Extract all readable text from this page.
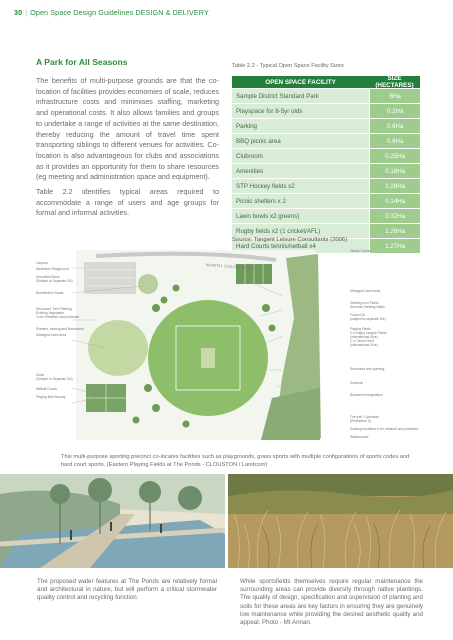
30 | Open Space Design Guidelines DESIGN & DELIVERY
A Park for All Seasons
The benefits of multi-purpose grounds are that the co-location of facilities provides economies of scale, reduces infrastructure costs and minimises staffing, marketing and operational costs. It also allows families and groups to undertake a range of activities at the same destination, thereby reducing the amount of travel time spent transporting siblings to different venues for activities. Co-location is also advantageous for clubs and associations as it provides an opportunity for them to share resources (eg meeting and administration space and equipment).
Table 2.2 identifies typical areas required to accommodate a range of users and age groups for formal and informal activities.
Table 2.2 - Typical Open Space Facility Sizes
OPEN SPACE FACILITY	SIZE (HECTARES)
Sample District Standard Park	6Ha
Playspace for 8-5yr olds	0.2Ha
Parking	0.6Ha
BBQ picnic area	0.6Ha
Clubroom	0.25Ha
Amenities	0.16Ha
STP Hockey fields x2	1.28Ha
Picnic shelters x 2	0.14Ha
Lawn bowls x2 greens)	0.32Ha
Rugby fields x2 (1 cricket/AFL)	1.26Ha
Hard Courts tennis/netball x4	1.27Ha
Source: Tangent Leisure Consultants (2006)
NORTH SOUTH ROAD
Carpark
Adventure Playground
Amenities Block
(Subject to Separate DA)
Bioretention Swale
Structured Tree Planting
Existing Vegetation
To be Retained and protected
Shelters, seating and Barbecues
Managed Lawn Area
Kiosk
(Subject to Separate DA)
Netball Courts
Playing field fencing
Tennis Courts
Managed Lawn Area
Viewing over Fields
Structure Seating Steps
Future DA
(subject to separate DA)
Playing Fields
2 x Rugby League Fields
(International Size)
1 x Cricket Field
(International Size)
Structured tree planting
Entrance
Bushland revegetation
Fire trail / Cycleway
(Pedestrian 3)
Existing bushland to be retained and protected
Watercourse
This multi-purpose sporting precinct co-locates facilities such as playgrounds, grass sports with multiple configurations of sports codes and hard court sports. (Eastern Playing Fields at The Ponds - CLOUSTON / Landcom)
The proposed water features at The Ponds are relatively formal and architectural in nature, but will perform a critical stormwater quality control and recycling function.
While sportsfields themselves require regular maintenance the surrounding areas can provide diversity through native plantings. The quality of design, specification and supervision of planting and soils for these areas are key factors in ensuring they are genuinely low maintenance while providing the desired aesthetic quality and appeal. Photo - Mt Annan.
